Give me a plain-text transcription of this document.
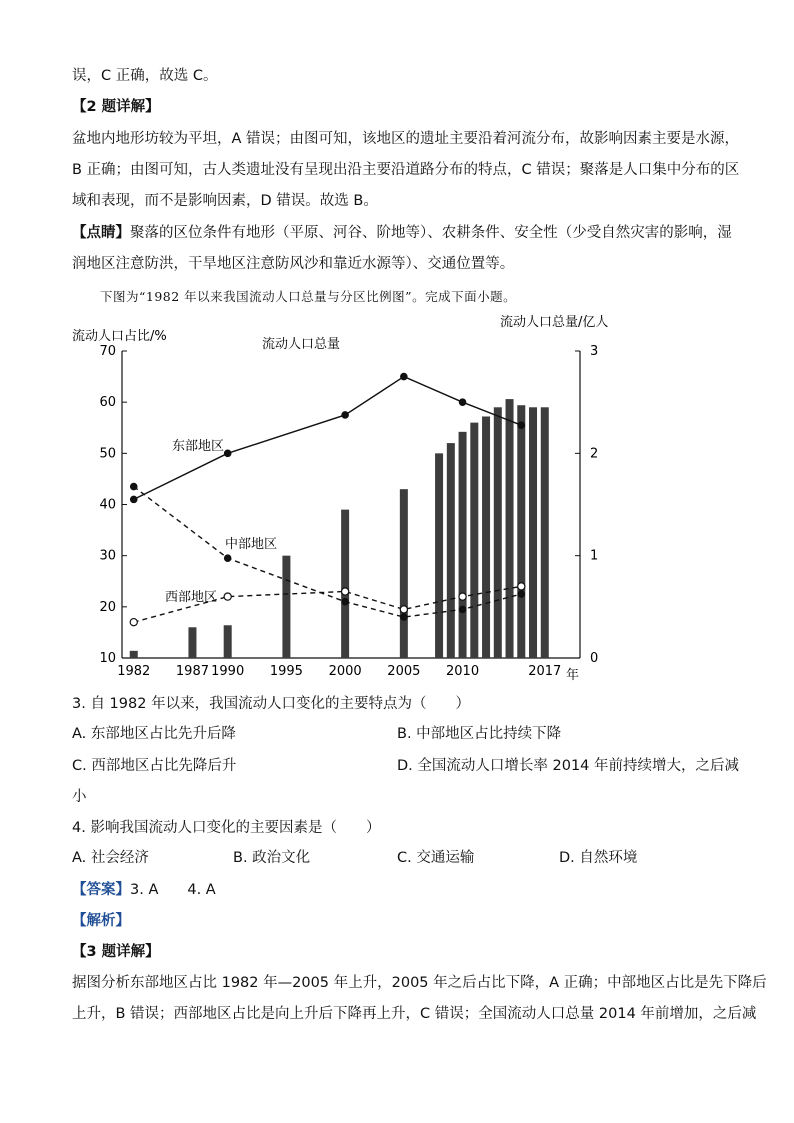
误，C 正确，故选 C。
【2 题详解】
盆地内地形坊较为平坦，A 错误；由图可知，该地区的遗址主要沿着河流分布，故影响因素主要是水源，
B 正确；由图可知，古人类遗址没有呈现出沿主要沿道路分布的特点，C 错误；聚落是人口集中分布的区
域和表现，而不是影响因素，D 错误。故选 B。
【点睛】聚落的区位条件有地形（平原、河谷、阶地等）、农耕条件、安全性（少受自然灾害的影响，湿
润地区注意防洪，干旱地区注意防风沙和靠近水源等）、交通位置等。
下图为“1982 年以来我国流动人口总量与分区比例图”。完成下面小题。
流动人口占比/%
流动人口总量/亿人
流动人口总量
年
10
20
30
40
50
60
70
0
1
2
3
1982 1987 1990 1995 2000 2005 2010	2017
东部地区
中部地区
西部地区
3. 自 1982 年以来，我国流动人口变化的主要特点为（　　）
A. 东部地区占比先升后降	B. 中部地区占比持续下降
C. 西部地区占比先降后升	D. 全国流动人口增长率 2014 年前持续增大，之后减
小
4. 影响我国流动人口变化的主要因素是（　　）
A. 社会经济	B. 政治文化	C. 交通运输	D. 自然环境
【答案】3. A　　4. A
【解析】
【3 题详解】
据图分析东部地区占比 1982 年—2005 年上升，2005 年之后占比下降，A 正确；中部地区占比是先下降后
上升，B 错误；西部地区占比是向上升后下降再上升，C 错误；全国流动人口总量 2014 年前增加，之后减
